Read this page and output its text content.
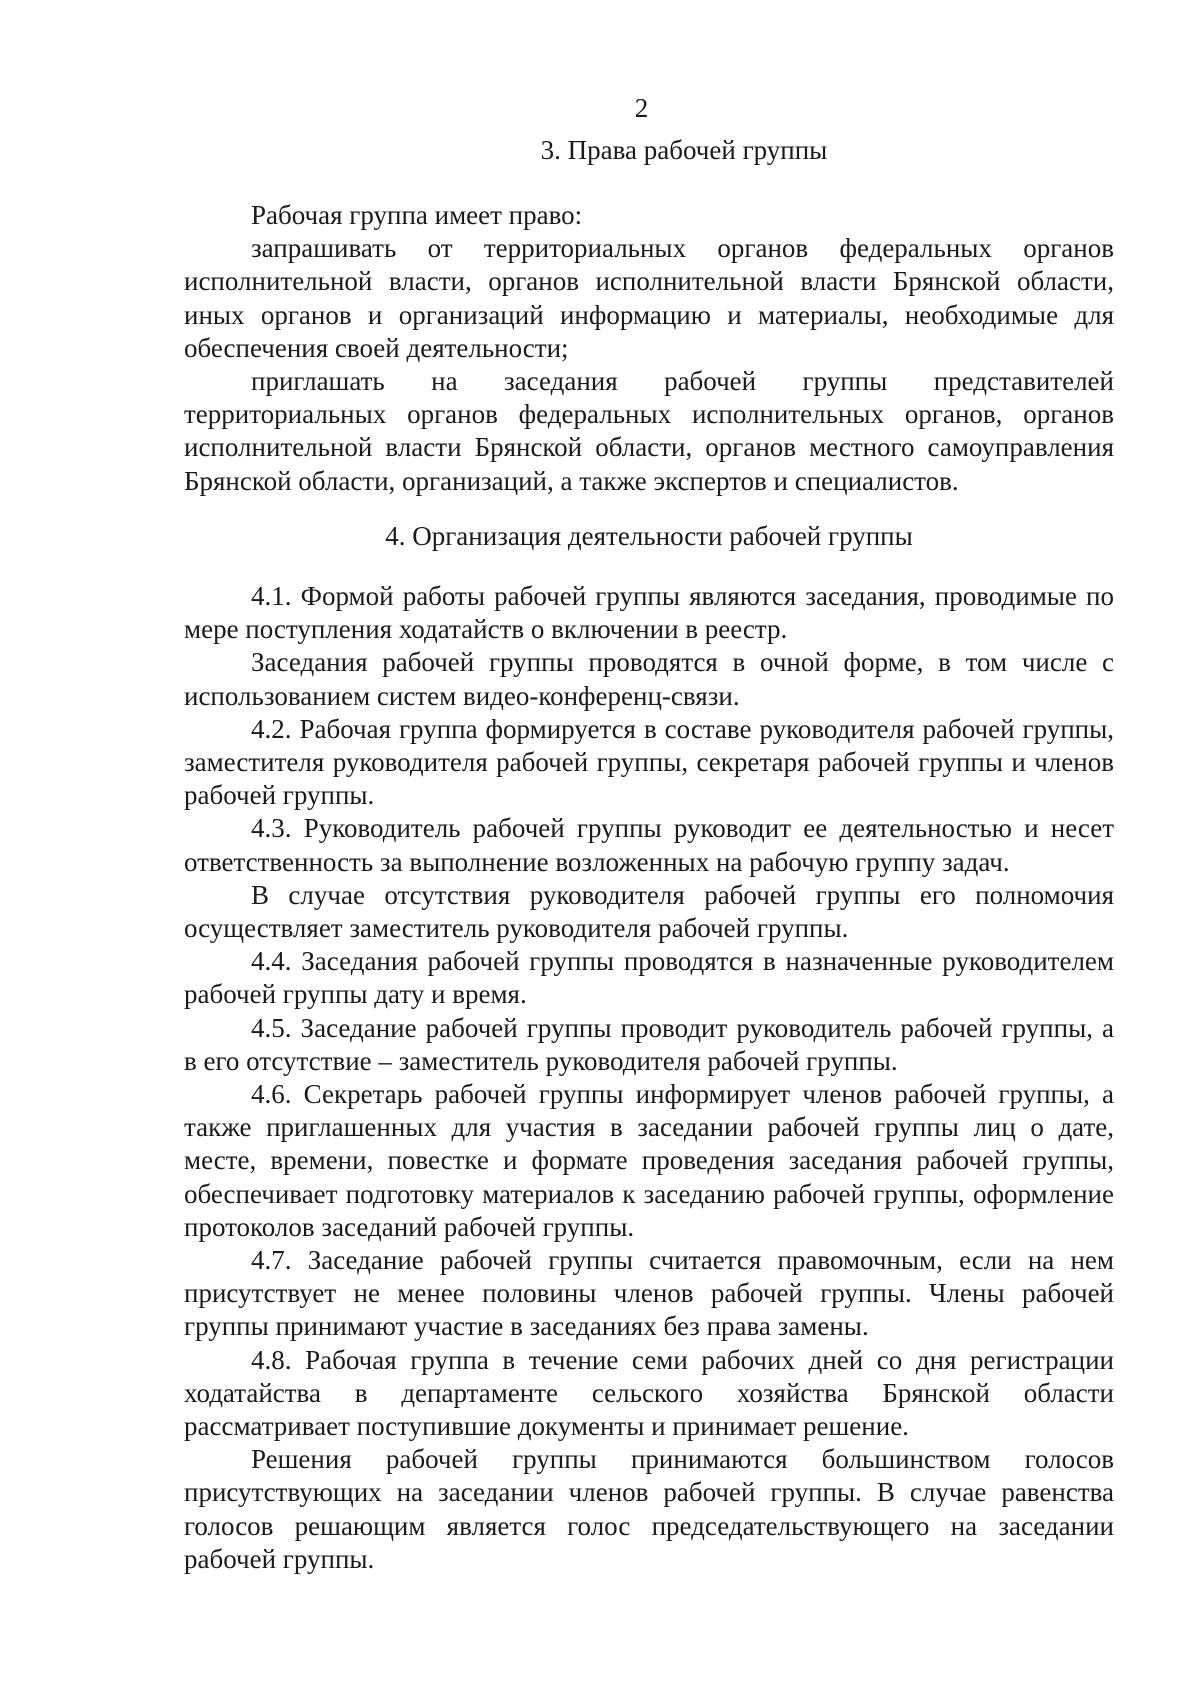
2
3. Права рабочей группы

Рабочая группа имеет право:

запрашивать от территориальных органов федеральных органов исполнительной власти, органов исполнительной власти Брянской области, иных органов и организаций информацию и материалы, необходимые для обеспечения своей деятельности;

приглашать на заседания рабочей группы представителей территориальных органов федеральных исполнительных органов, органов исполнительной власти Брянской области, органов местного самоуправления Брянской области, организаций, а также экспертов и специалистов.

4. Организация деятельности рабочей группы

4.1. Формой работы рабочей группы являются заседания, проводимые по мере поступления ходатайств о включении в реестр.

Заседания рабочей группы проводятся в очной форме, в том числе с использованием систем видео-конференц-связи.

4.2. Рабочая группа формируется в составе руководителя рабочей группы, заместителя руководителя рабочей группы, секретаря рабочей группы и членов рабочей группы.

4.3. Руководитель рабочей группы руководит ее деятельностью и несет ответственность за выполнение возложенных на рабочую группу задач.

В случае отсутствия руководителя рабочей группы его полномочия осуществляет заместитель руководителя рабочей группы.

4.4. Заседания рабочей группы проводятся в назначенные руководителем рабочей группы дату и время.

4.5. Заседание рабочей группы проводит руководитель рабочей группы, а в его отсутствие – заместитель руководителя рабочей группы.

4.6. Секретарь рабочей группы информирует членов рабочей группы, а также приглашенных для участия в заседании рабочей группы лиц о дате, месте, времени, повестке и формате проведения заседания рабочей группы, обеспечивает подготовку материалов к заседанию рабочей группы, оформление протоколов заседаний рабочей группы.

4.7. Заседание рабочей группы считается правомочным, если на нем присутствует не менее половины членов рабочей группы. Члены рабочей группы принимают участие в заседаниях без права замены.

4.8. Рабочая группа в течение семи рабочих дней со дня регистрации ходатайства в департаменте сельского хозяйства Брянской области рассматривает поступившие документы и принимает решение.

Решения рабочей группы принимаются большинством голосов присутствующих на заседании членов рабочей группы. В случае равенства голосов решающим является голос председательствующего на заседании рабочей группы.
